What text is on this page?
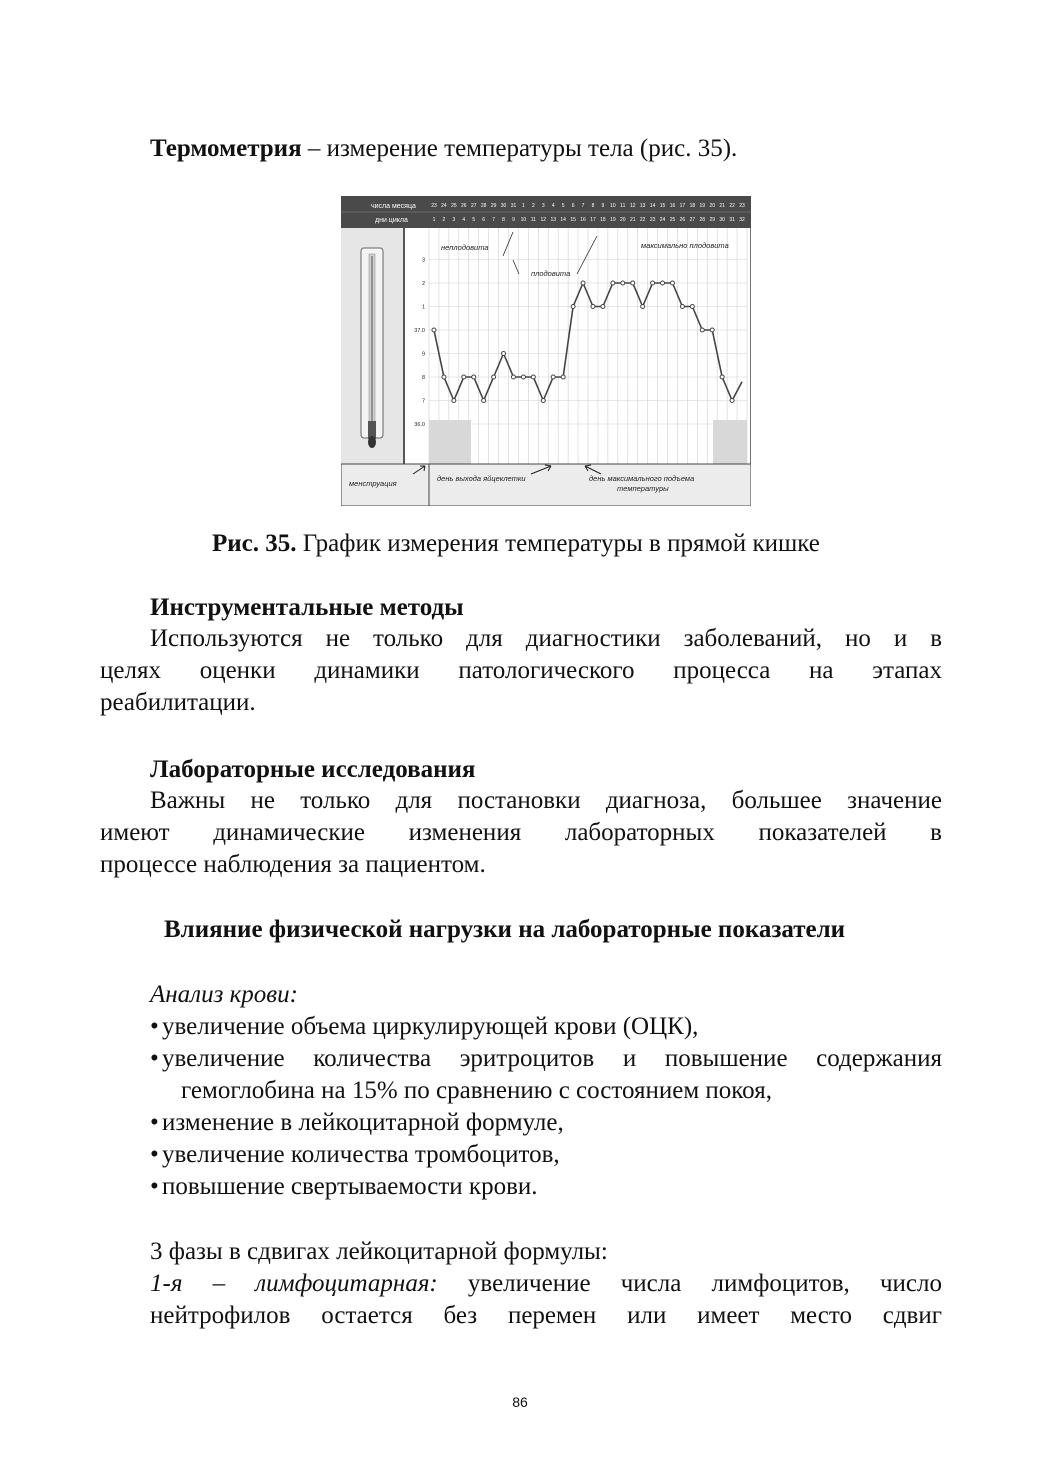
Термометрия – измерение температуры тела (рис. 35).
числа месяца
дни цикла
23 24 25 26 27 28 29 30 31 1 2 3 4 5 6 7 8 9 10 11 12 13 14 15 16 17 18 19 20 21 22 23
1 2 3 4 5 6 7 8 9 10 11 12 13 14 15 16 17 18 19 20 21 22 23 24 25 26 27 28 29 30 31 32
3
2
1
37.0
9
8
7
36.0
неплодовита
плодовита
максимально плодовита
менструация
день выхода яйцеклетки	день максимального подъема
температуры
Рис. 35. График измерения температуры в прямой кишке
Инструментальные методы
Используются не только для диагностики заболеваний, но и в
целях оценки динамики патологического процесса на этапах
реабилитации.
Лабораторные исследования
Важны не только для постановки диагноза, большее значение
имеют динамические изменения лабораторных показателей в
процессе наблюдения за пациентом.
Влияние физической нагрузки на лабораторные показатели
Анализ крови:
• увеличение объема циркулирующей крови (ОЦК),
• увеличение количества эритроцитов и повышение содержания
гемоглобина на 15% по сравнению с состоянием покоя,
• изменение в лейкоцитарной формуле,
• увеличение количества тромбоцитов,
• повышение свертываемости крови.
3 фазы в сдвигах лейкоцитарной формулы:
1-я – лимфоцитарная: увеличение числа лимфоцитов, число
нейтрофилов остается без перемен или имеет место сдвиг
86
